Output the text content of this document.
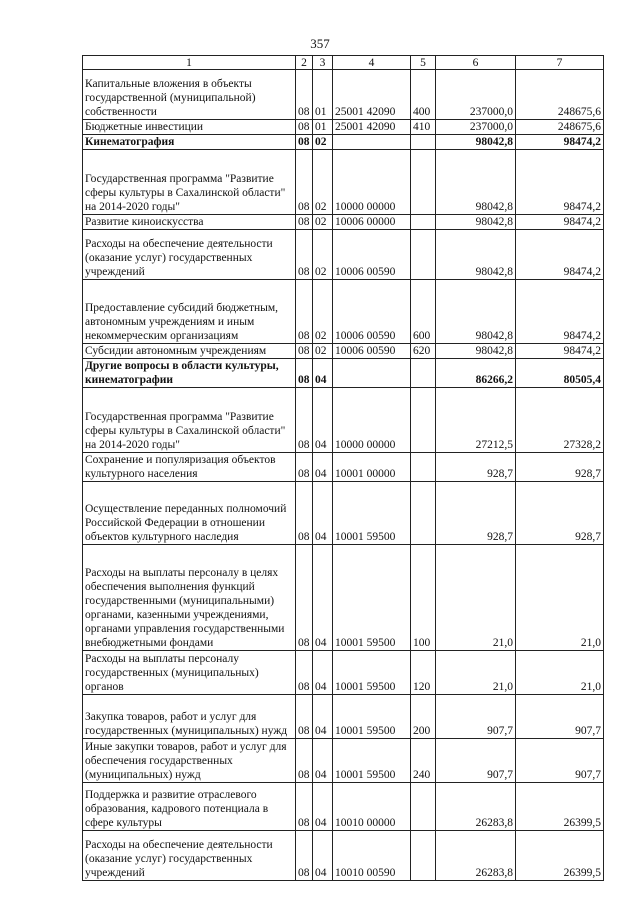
357
1	2	3	4	5	6	7
Капитальные вложения в объекты государственной (муниципальной) собственности	08	01	25001 42090	400	237000,0	248675,6
Бюджетные инвестиции	08	01	25001 42090	410	237000,0	248675,6
Кинематография	08	02			98042,8	98474,2
Государственная программа "Развитие сферы культуры в Сахалинской области" на 2014-2020 годы"	08	02	10000 00000		98042,8	98474,2
Развитие киноискусства	08	02	10006 00000		98042,8	98474,2
Расходы на обеспечение деятельности (оказание услуг) государственных учреждений	08	02	10006 00590		98042,8	98474,2
Предоставление субсидий бюджетным, автономным учреждениям и иным некоммерческим организациям	08	02	10006 00590	600	98042,8	98474,2
Субсидии автономным учреждениям	08	02	10006 00590	620	98042,8	98474,2
Другие вопросы в области культуры, кинематографии	08	04			86266,2	80505,4
Государственная программа "Развитие сферы культуры в Сахалинской области" на 2014-2020 годы"	08	04	10000 00000		27212,5	27328,2
Сохранение и популяризация объектов культурного населения	08	04	10001 00000		928,7	928,7
Осуществление переданных полномочий Российской Федерации в отношении объектов культурного наследия	08	04	10001 59500		928,7	928,7
Расходы на выплаты персоналу в целях обеспечения выполнения функций государственными (муниципальными) органами, казенными учреждениями, органами управления государственными внебюджетными фондами	08	04	10001 59500	100	21,0	21,0
Расходы на выплаты персоналу государственных (муниципальных) органов	08	04	10001 59500	120	21,0	21,0
Закупка товаров, работ и услуг для государственных (муниципальных) нужд	08	04	10001 59500	200	907,7	907,7
Иные закупки товаров, работ и услуг для обеспечения государственных (муниципальных) нужд	08	04	10001 59500	240	907,7	907,7
Поддержка и развитие отраслевого образования, кадрового потенциала в сфере культуры	08	04	10010 00000		26283,8	26399,5
Расходы на обеспечение деятельности (оказание услуг) государственных учреждений	08	04	10010 00590		26283,8	26399,5
